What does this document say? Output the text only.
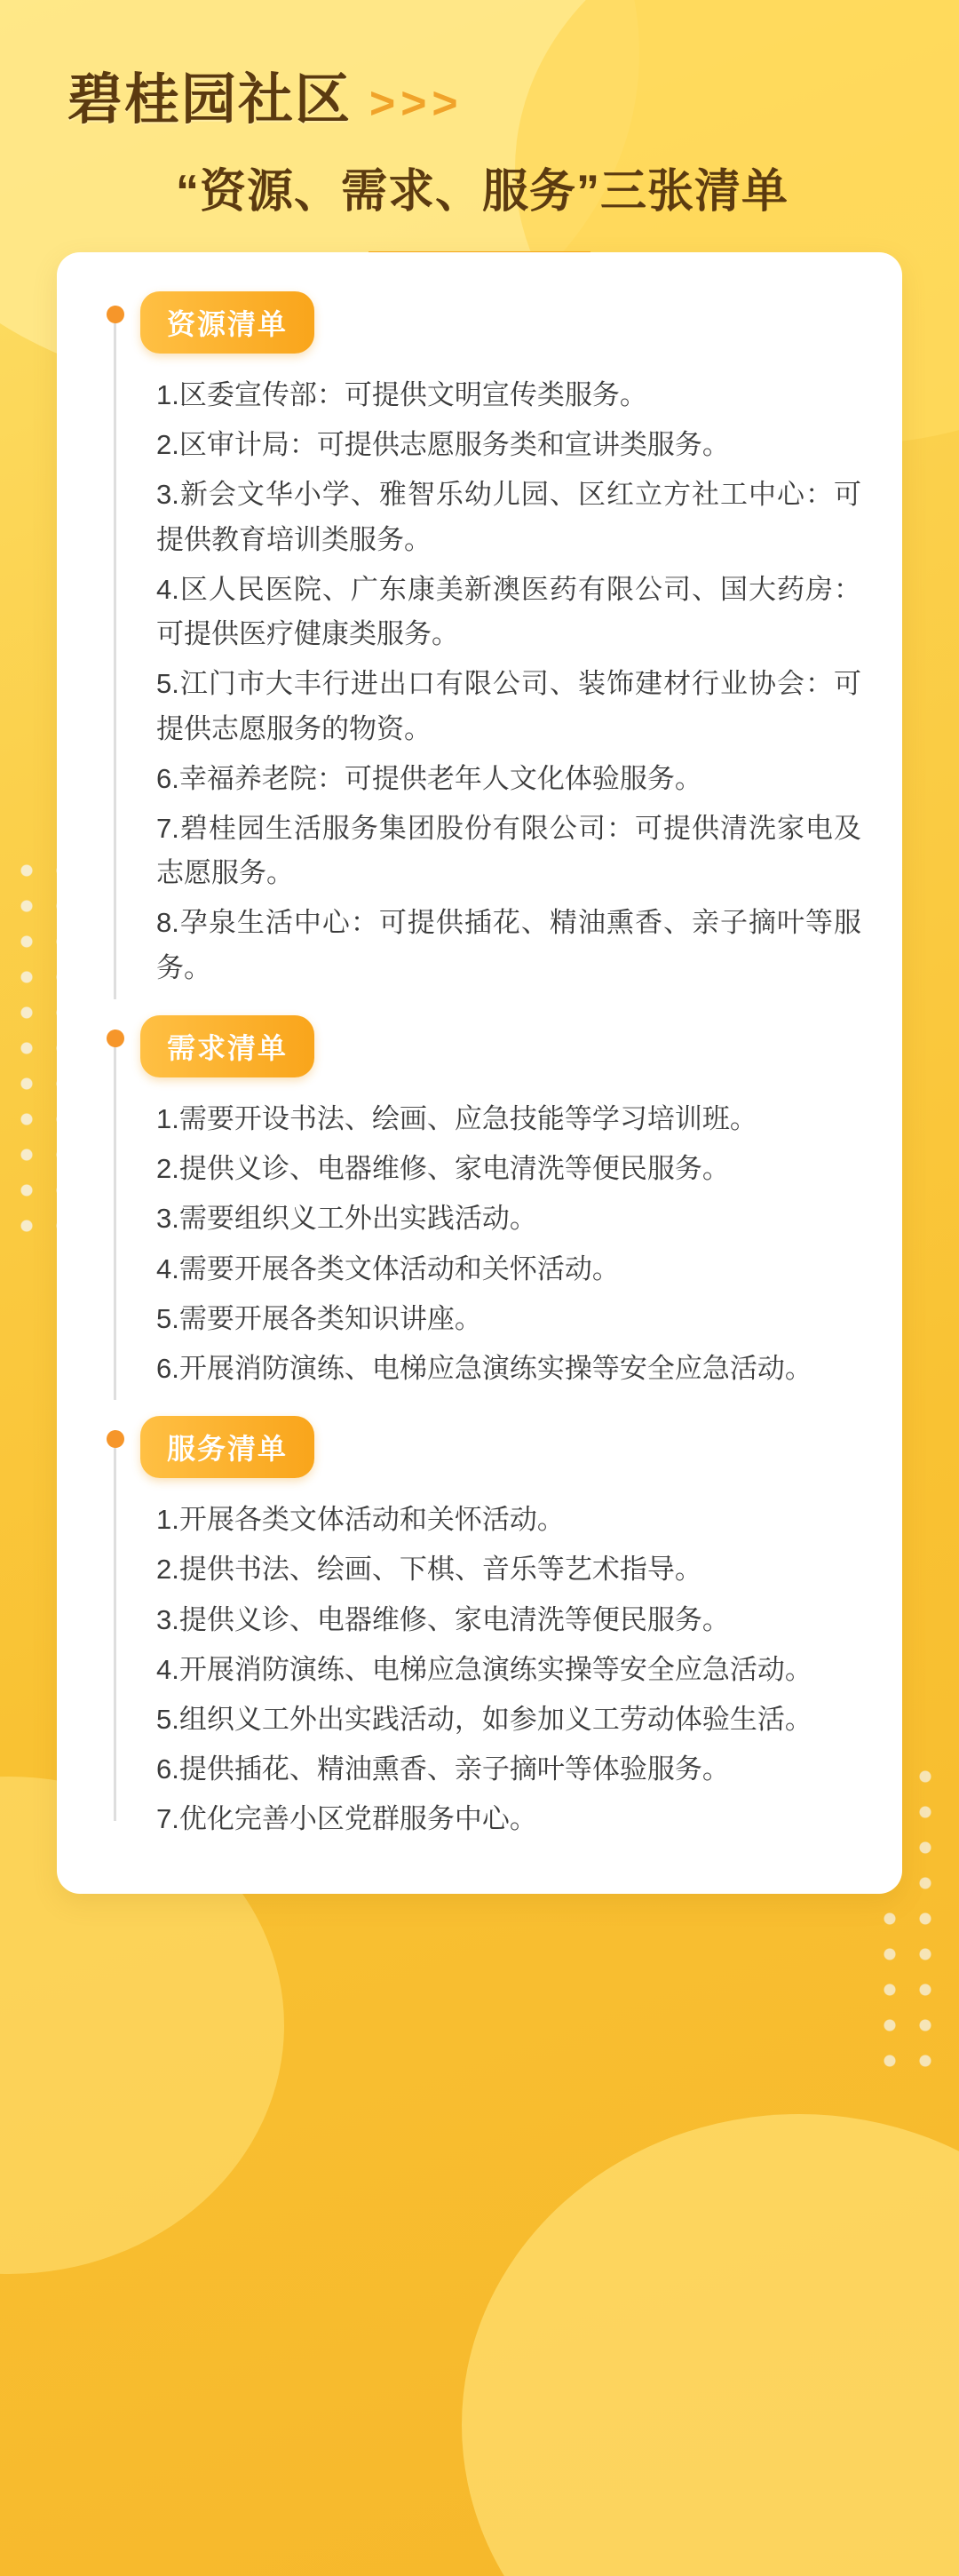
碧桂园社区 >>>
“资源、需求、服务”三张清单
资源清单
1.区委宣传部：可提供文明宣传类服务。
2.区审计局：可提供志愿服务类和宣讲类服务。
3.新会文华小学、雅智乐幼儿园、区红立方社工中心：可提供教育培训类服务。
4.区人民医院、广东康美新澳医药有限公司、国大药房：可提供医疗健康类服务。
5.江门市大丰行进出口有限公司、装饰建材行业协会：可提供志愿服务的物资。
6.幸福养老院：可提供老年人文化体验服务。
7.碧桂园生活服务集团股份有限公司：可提供清洗家电及志愿服务。
8.孕泉生活中心：可提供插花、精油熏香、亲子摘叶等服务。
需求清单
1.需要开设书法、绘画、应急技能等学习培训班。
2.提供义诊、电器维修、家电清洗等便民服务。
3.需要组织义工外出实践活动。
4.需要开展各类文体活动和关怀活动。
5.需要开展各类知识讲座。
6.开展消防演练、电梯应急演练实操等安全应急活动。
服务清单
1.开展各类文体活动和关怀活动。
2.提供书法、绘画、下棋、音乐等艺术指导。
3.提供义诊、电器维修、家电清洗等便民服务。
4.开展消防演练、电梯应急演练实操等安全应急活动。
5.组织义工外出实践活动，如参加义工劳动体验生活。
6.提供插花、精油熏香、亲子摘叶等体验服务。
7.优化完善小区党群服务中心。
